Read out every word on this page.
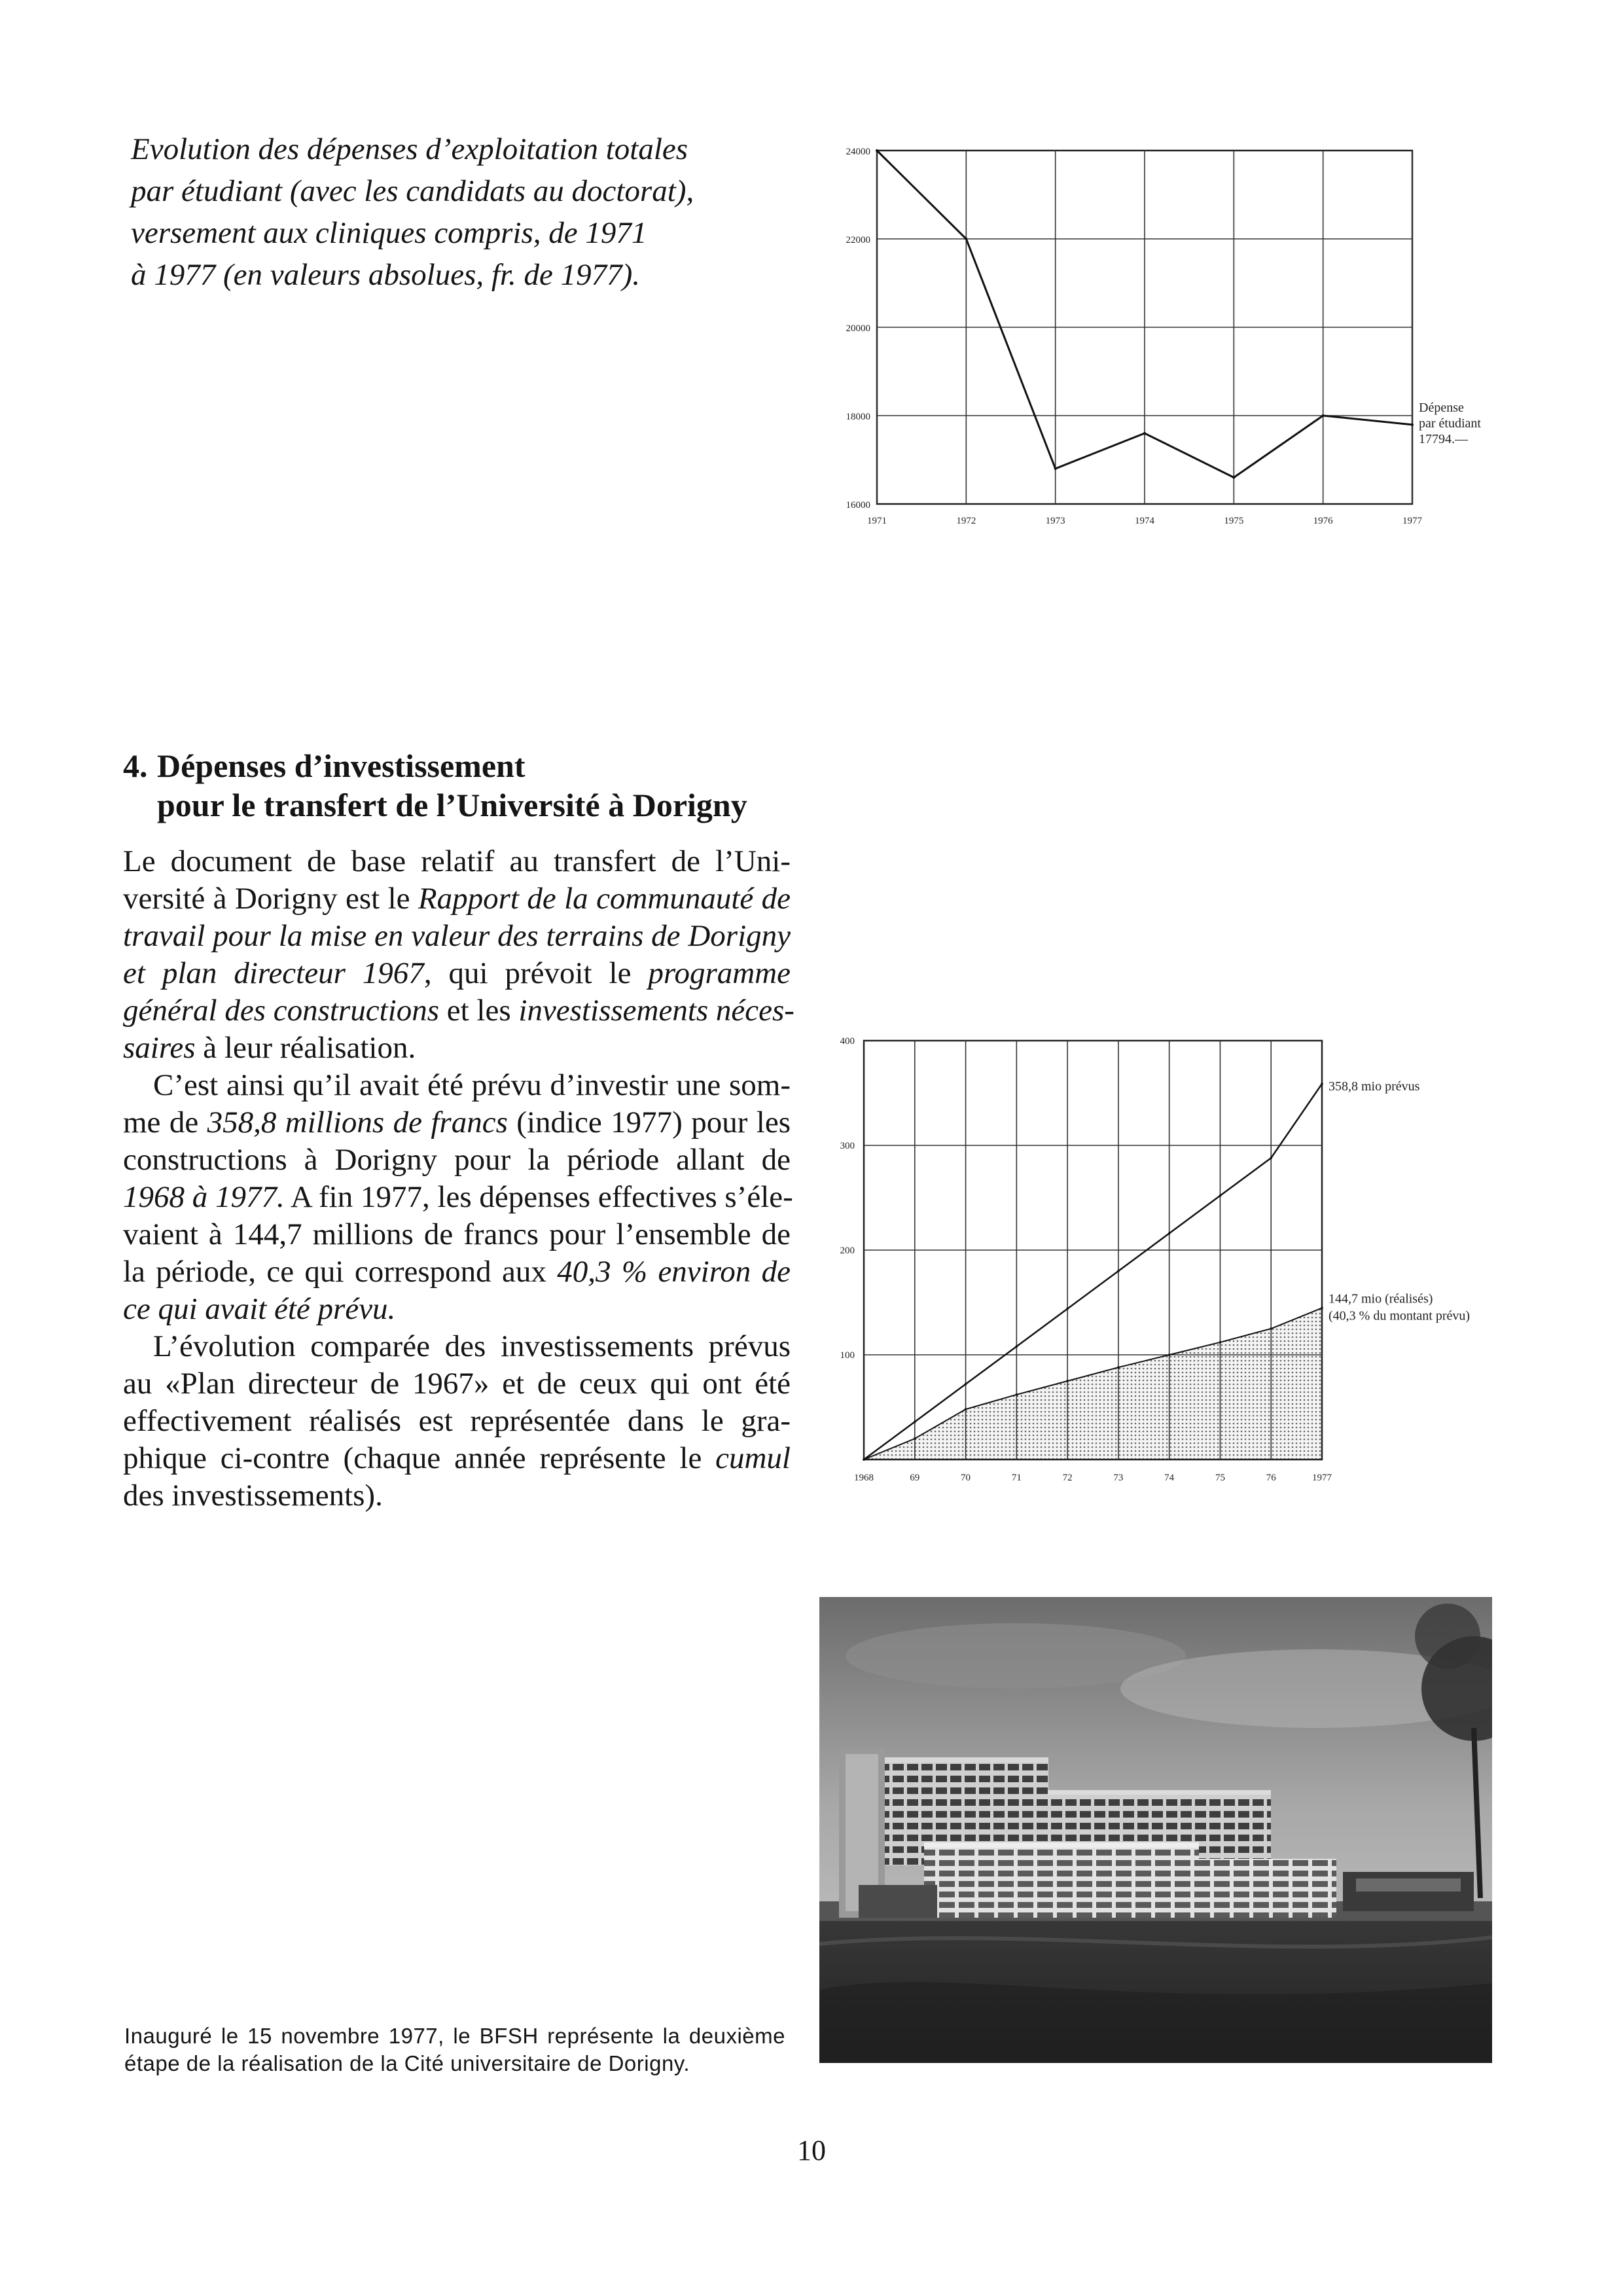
Evolution des dépenses d’exploitation totales
par étudiant (avec les candidats au doctorat),
versement aux cliniques compris, de 1971
à 1977 (en valeurs absolues, fr. de 1977).
24000
22000
20000
18000
16000
1971	1972	1973	1974	1975	1976	1977
Dépense
par étudiant
17794.—
4. Dépenses d’investissement
pour le transfert de l’Université à Dorigny

Le document de base relatif au transfert de l’Uni-
versité à Dorigny est le Rapport de la communauté de
travail pour la mise en valeur des terrains de Dorigny
et plan directeur 1967, qui prévoit le programme
général des constructions et les investissements néces-
saires à leur réalisation.

C’est ainsi qu’il avait été prévu d’investir une som-
me de 358,8 millions de francs (indice 1977) pour les
constructions à Dorigny pour la période allant de
1968 à 1977. A fin 1977, les dépenses effectives s’éle-
vaient à 144,7 millions de francs pour l’ensemble de
la période, ce qui correspond aux 40,3 % environ de
ce qui avait été prévu.

L’évolution comparée des investissements prévus
au «Plan directeur de 1967» et de ceux qui ont été
effectivement réalisés est représentée dans le gra-
phique ci-contre (chaque année représente le cumul
des investissements).

400
300
200
100
1968	69	70	71	72	73	74	75	76	1977
358,8 mio prévus
144,7 mio (réalisés)
(40,3 % du montant prévu)
Inauguré le 15 novembre 1977, le BFSH représente la deuxième
étape de la réalisation de la Cité universitaire de Dorigny.
10
